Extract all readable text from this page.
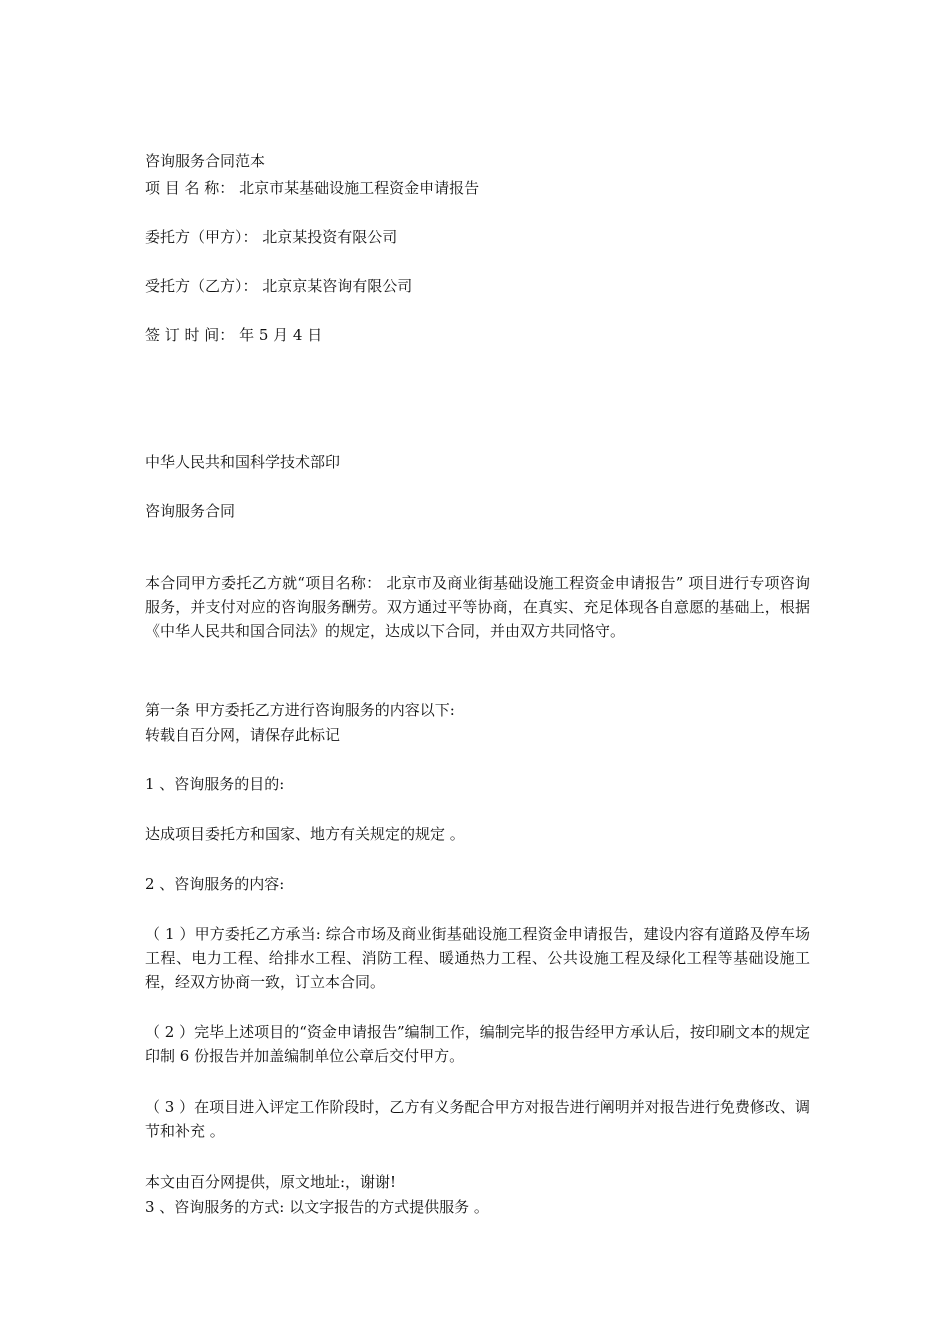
咨询服务合同范本
项 目 名 称： 北京市某基础设施工程资金申请报告
委托方（甲方）： 北京某投资有限公司
受托方（乙方）： 北京京某咨询有限公司
签 订 时 间： 年 5 月 4 日
中华人民共和国科学技术部印
咨询服务合同
本合同甲方委托乙方就“项目名称： 北京市及商业街基础设施工程资金申请报告” 项目进行专项咨询服务，并支付对应的咨询服务酬劳。双方通过平等协商，在真实、充足体现各自意愿的基础上，根据《中华人民共和国合同法》的规定，达成以下合同，并由双方共同恪守。
第一条 甲方委托乙方进行咨询服务的内容以下:
转载自百分网，请保存此标记
1 、咨询服务的目的:
达成项目委托方和国家、地方有关规定的规定 。
2 、咨询服务的内容:
（ 1 ）甲方委托乙方承当: 综合市场及商业街基础设施工程资金申请报告，建设内容有道路及停车场工程、电力工程、给排水工程、消防工程、暖通热力工程、公共设施工程及绿化工程等基础设施工程，经双方协商一致，订立本合同。
（ 2 ）完毕上述项目的“资金申请报告”编制工作，编制完毕的报告经甲方承认后，按印刷文本的规定印制 6 份报告并加盖编制单位公章后交付甲方。
（ 3 ）在项目进入评定工作阶段时，乙方有义务配合甲方对报告进行阐明并对报告进行免费修改、调节和补充 。
本文由百分网提供，原文地址:，谢谢!
3 、咨询服务的方式: 以文字报告的方式提供服务 。
